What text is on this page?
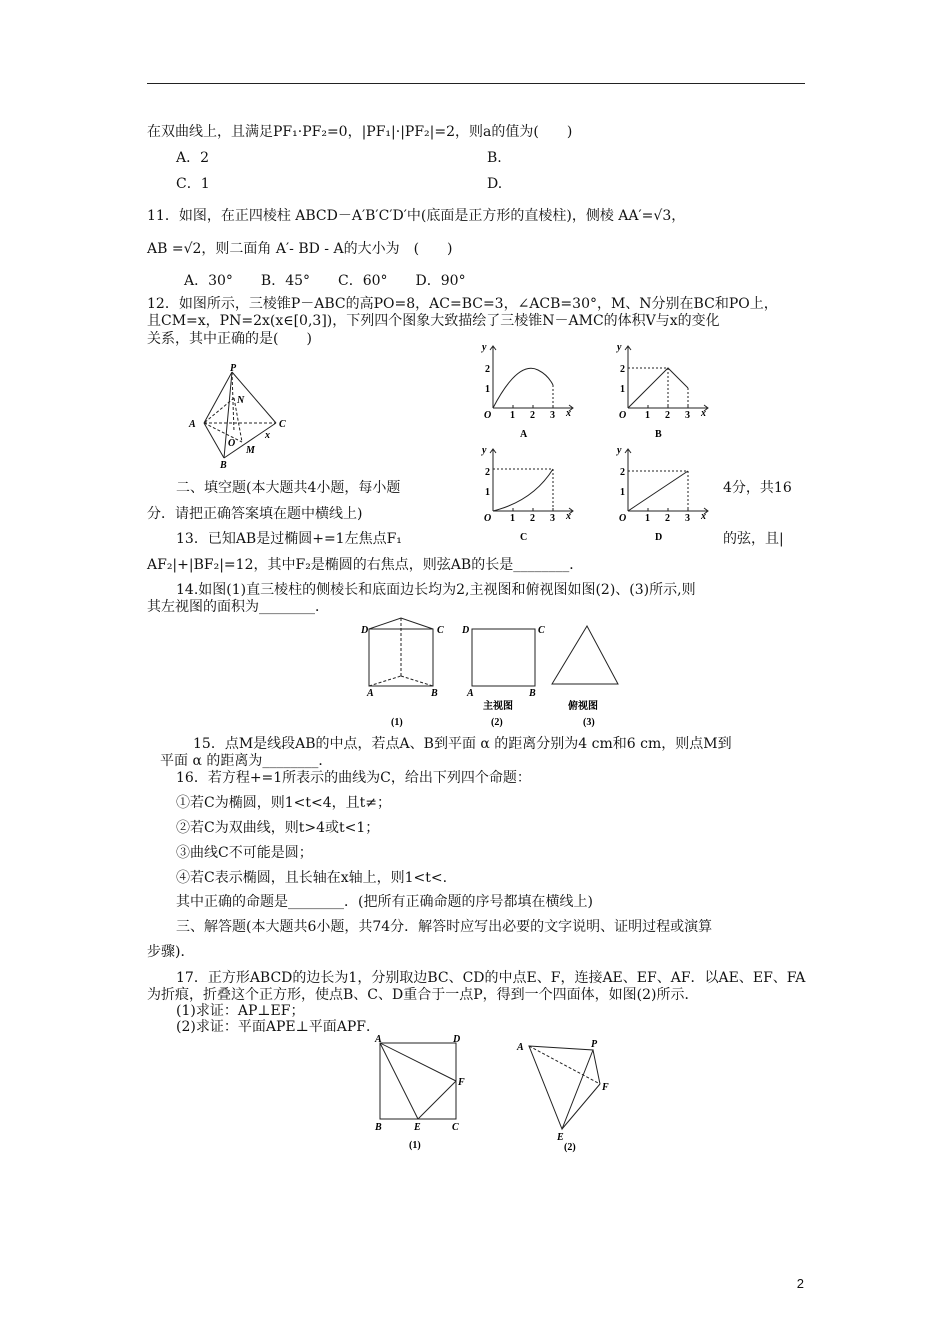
在双曲线上，且满足PF₁·PF₂=0，|PF₁|·|PF₂|=2，则a的值为(　　)
A．2	B.
C．1	D.
11．如图，在正四棱柱 ABCD－A′B′C′D′中(底面是正方形的直棱柱)，侧棱 AA′=√3，
AB =√2，则二面角 A′- BD - A的大小为　(　　)
A．30°　　B．45°　　C．60°　　D．90°
12．如图所示，三棱锥P－ABC的高PO=8，AC=BC=3，∠ACB=30°，M、N分别在BC和PO上，
且CM=x，PN=2x(x∈[0,3])，下列四个图象大致描绘了三棱锥N－AMC的体积V与x的变化
关系，其中正确的是(　　)
P
N
A	C
O
M
B
x
y
x
O 1 2 3
1
2
A
y
x
O 1 2 3
1
2
B
y
x
O 1 2 3
1
2
C
y
x
O 1 2 3
1
2
D
二、填空题(本大题共4小题，每小题	4分，共16
分．请把正确答案填在题中横线上)
13．已知AB是过椭圆+=1左焦点F₁	的弦，且|
AF₂|+|BF₂|=12，其中F₂是椭圆的右焦点，则弦AB的长是________．
14.如图(1)直三棱柱的侧棱长和底面边长均为2,主视图和俯视图如图(2)、(3)所示,则
其左视图的面积为________．
D	C
A	B
D	C
A	B
主视图	俯视图
(1)	(2)	(3)
15．点M是线段AB的中点，若点A、B到平面 α 的距离分别为4 cm和6 cm，则点M到
平面 α 的距离为________．
16．若方程+=1所表示的曲线为C，给出下列四个命题：
①若C为椭圆，则1<t<4，且t≠；
②若C为双曲线，则t>4或t<1；
③曲线C不可能是圆；
④若C表示椭圆，且长轴在x轴上，则1<t<.
其中正确的命题是________．(把所有正确命题的序号都填在横线上)
三、解答题(本大题共6小题，共74分．解答时应写出必要的文字说明、证明过程或演算
步骤)．
17．正方形ABCD的边长为1，分别取边BC、CD的中点E、F，连接AE、EF、AF．以AE、EF、FA
为折痕，折叠这个正方形，使点B、C、D重合于一点P，得到一个四面体，如图(2)所示．
(1)求证：AP⊥EF；
(2)求证：平面APE⊥平面APF．
A	D
F
B	E	C
A	P
F
E
(1)	(2)
2
